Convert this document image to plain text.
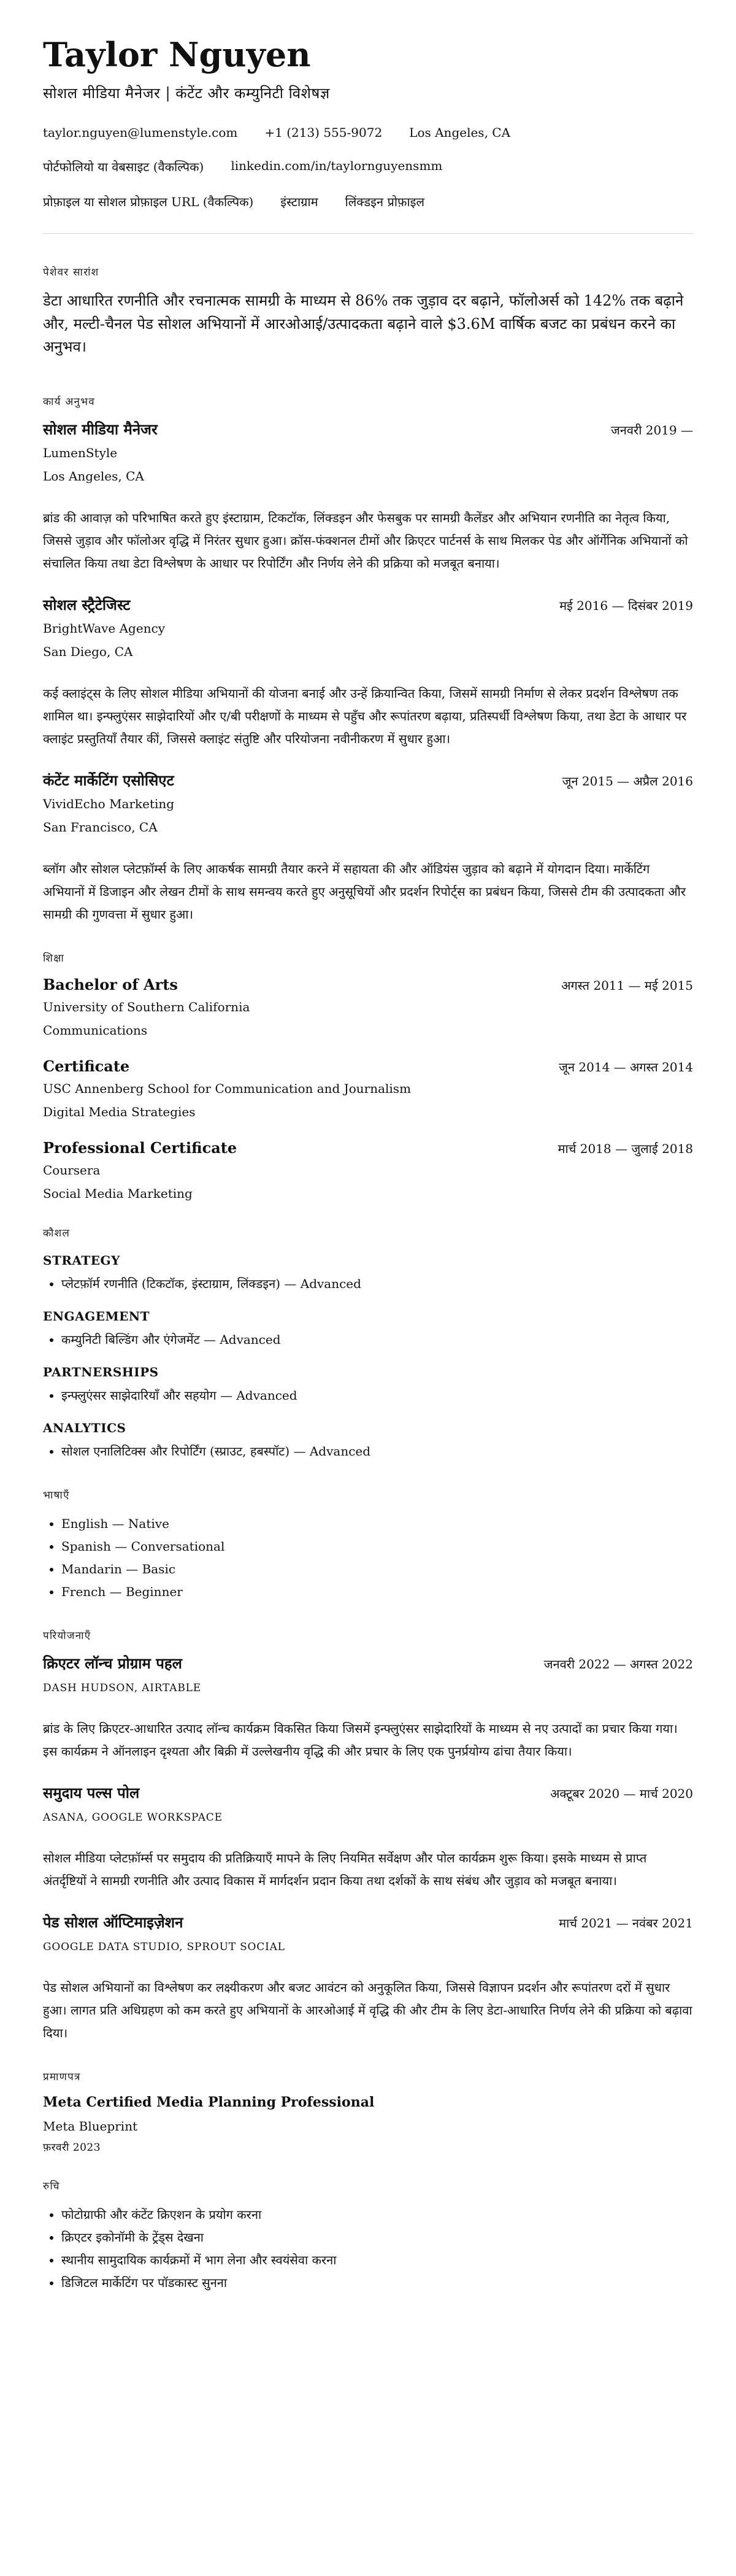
Taylor Nguyen
सोशल मीडिया मैनेजर | कंटेंट और कम्युनिटी विशेषज्ञ
taylor.nguyen@lumenstyle.com +1 (213) 555-9072 Los Angeles, CA
पोर्टफोलियो या वेबसाइट (वैकल्पिक) linkedin.com/in/taylornguyensmm
प्रोफ़ाइल या सोशल प्रोफ़ाइल URL (वैकल्पिक) इंस्टाग्राम लिंक्डइन प्रोफ़ाइल
पेशेवर सारांश
डेटा आधारित रणनीति और रचनात्मक सामग्री के माध्यम से 86% तक जुड़ाव दर बढ़ाने, फॉलोअर्स को 142% तक बढ़ाने और, मल्टी-चैनल पेड सोशल अभियानों में आरओआई/उत्पादकता बढ़ाने वाले $3.6M वार्षिक बजट का प्रबंधन करने का अनुभव।
कार्य अनुभव
सोशल मीडिया मैनेजर	जनवरी 2019 —
LumenStyle
Los Angeles, CA
ब्रांड की आवाज़ को परिभाषित करते हुए इंस्टाग्राम, टिकटॉक, लिंक्डइन और फेसबुक पर सामग्री कैलेंडर और अभियान रणनीति का नेतृत्व किया, जिससे जुड़ाव और फॉलोअर वृद्धि में निरंतर सुधार हुआ। क्रॉस-फंक्शनल टीमों और क्रिएटर पार्टनर्स के साथ मिलकर पेड और ऑर्गेनिक अभियानों को संचालित किया तथा डेटा विश्लेषण के आधार पर रिपोर्टिंग और निर्णय लेने की प्रक्रिया को मजबूत बनाया।
सोशल स्ट्रैटेजिस्ट	मई 2016 — दिसंबर 2019
BrightWave Agency
San Diego, CA
कई क्लाइंट्स के लिए सोशल मीडिया अभियानों की योजना बनाई और उन्हें क्रियान्वित किया, जिसमें सामग्री निर्माण से लेकर प्रदर्शन विश्लेषण तक शामिल था। इन्फ्लुएंसर साझेदारियों और ए/बी परीक्षणों के माध्यम से पहुँच और रूपांतरण बढ़ाया, प्रतिस्पर्धी विश्लेषण किया, तथा डेटा के आधार पर क्लाइंट प्रस्तुतियाँ तैयार कीं, जिससे क्लाइंट संतुष्टि और परियोजना नवीनीकरण में सुधार हुआ।
कंटेंट मार्केटिंग एसोसिएट	जून 2015 — अप्रैल 2016
VividEcho Marketing
San Francisco, CA
ब्लॉग और सोशल प्लेटफ़ॉर्म्स के लिए आकर्षक सामग्री तैयार करने में सहायता की और ऑडियंस जुड़ाव को बढ़ाने में योगदान दिया। मार्केटिंग अभियानों में डिजाइन और लेखन टीमों के साथ समन्वय करते हुए अनुसूचियों और प्रदर्शन रिपोर्ट्स का प्रबंधन किया, जिससे टीम की उत्पादकता और सामग्री की गुणवत्ता में सुधार हुआ।
शिक्षा
Bachelor of Arts	अगस्त 2011 — मई 2015
University of Southern California
Communications
Certificate	जून 2014 — अगस्त 2014
USC Annenberg School for Communication and Journalism
Digital Media Strategies
Professional Certificate	मार्च 2018 — जुलाई 2018
Coursera
Social Media Marketing
कौशल
STRATEGY
• प्लेटफ़ॉर्म रणनीति (टिकटॉक, इंस्टाग्राम, लिंक्डइन) — Advanced
ENGAGEMENT
• कम्युनिटी बिल्डिंग और एंगेजमेंट — Advanced
PARTNERSHIPS
• इन्फ्लुएंसर साझेदारियाँ और सहयोग — Advanced
ANALYTICS
• सोशल एनालिटिक्स और रिपोर्टिंग (स्प्राउट, हबस्पॉट) — Advanced
भाषाएँ
• English — Native
• Spanish — Conversational
• Mandarin — Basic
• French — Beginner
परियोजनाएँ
क्रिएटर लॉन्च प्रोग्राम पहल	जनवरी 2022 — अगस्त 2022
DASH HUDSON, AIRTABLE
ब्रांड के लिए क्रिएटर-आधारित उत्पाद लॉन्च कार्यक्रम विकसित किया जिसमें इन्फ्लुएंसर साझेदारियों के माध्यम से नए उत्पादों का प्रचार किया गया। इस कार्यक्रम ने ऑनलाइन दृश्यता और बिक्री में उल्लेखनीय वृद्धि की और प्रचार के लिए एक पुनर्प्रयोग्य ढांचा तैयार किया।
समुदाय पल्स पोल	अक्टूबर 2020 — मार्च 2020
ASANA, GOOGLE WORKSPACE
सोशल मीडिया प्लेटफ़ॉर्म्स पर समुदाय की प्रतिक्रियाएँ मापने के लिए नियमित सर्वेक्षण और पोल कार्यक्रम शुरू किया। इसके माध्यम से प्राप्त अंतर्दृष्टियों ने सामग्री रणनीति और उत्पाद विकास में मार्गदर्शन प्रदान किया तथा दर्शकों के साथ संबंध और जुड़ाव को मजबूत बनाया।
पेड सोशल ऑप्टिमाइज़ेशन	मार्च 2021 — नवंबर 2021
GOOGLE DATA STUDIO, SPROUT SOCIAL
पेड सोशल अभियानों का विश्लेषण कर लक्ष्यीकरण और बजट आवंटन को अनुकूलित किया, जिससे विज्ञापन प्रदर्शन और रूपांतरण दरों में सुधार हुआ। लागत प्रति अधिग्रहण को कम करते हुए अभियानों के आरओआई में वृद्धि की और टीम के लिए डेटा-आधारित निर्णय लेने की प्रक्रिया को बढ़ावा दिया।
प्रमाणपत्र
Meta Certified Media Planning Professional
Meta Blueprint
फ़रवरी 2023
रुचि
• फोटोग्राफी और कंटेंट क्रिएशन के प्रयोग करना
• क्रिएटर इकोनॉमी के ट्रेंड्स देखना
• स्थानीय सामुदायिक कार्यक्रमों में भाग लेना और स्वयंसेवा करना
• डिजिटल मार्केटिंग पर पॉडकास्ट सुनना
